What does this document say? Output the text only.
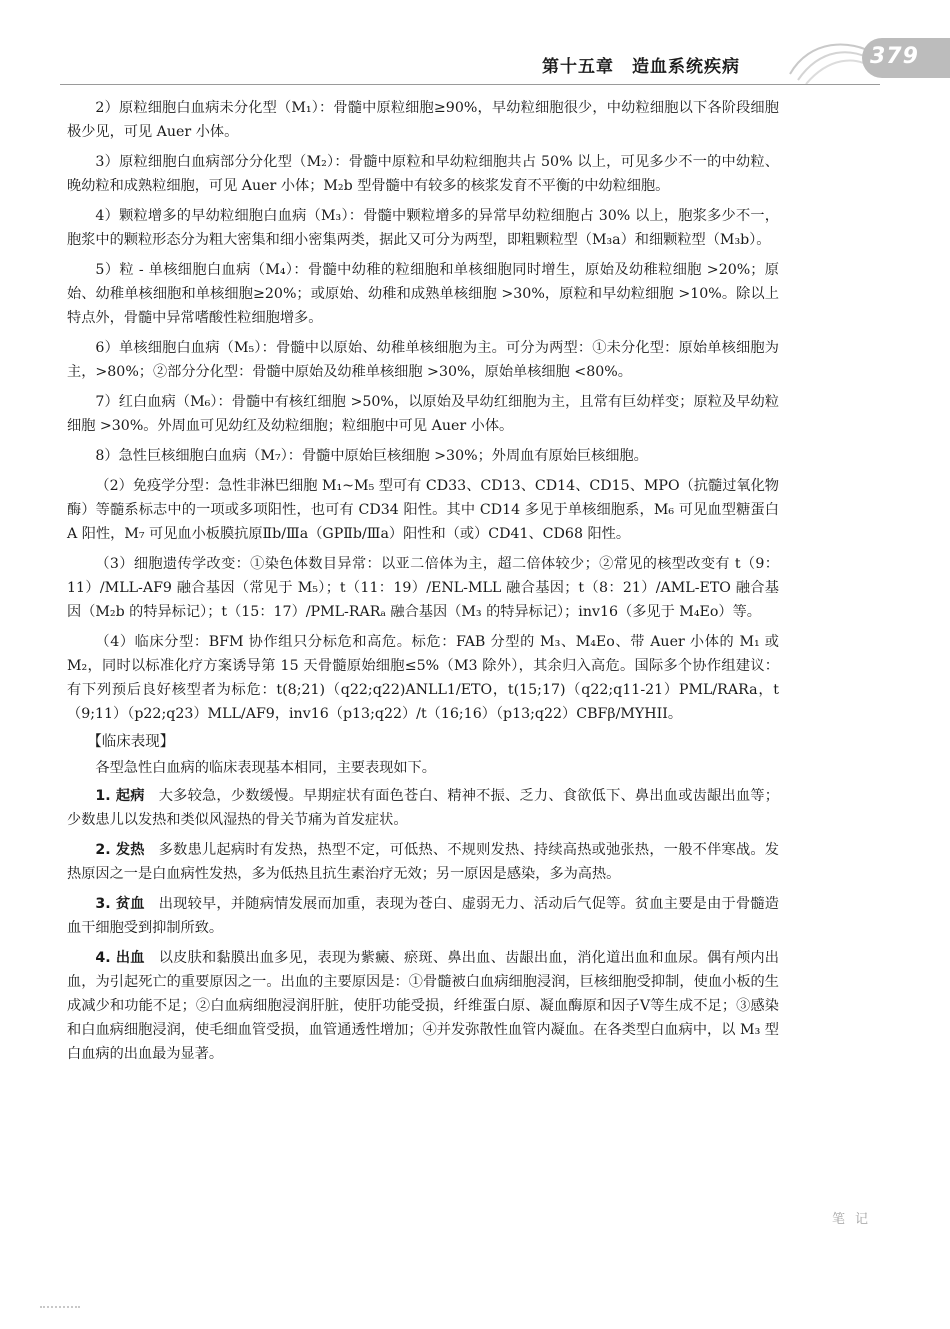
第十五章　造血系统疾病	379

2）原粒细胞白血病未分化型（M₁）：骨髓中原粒细胞≥90%，早幼粒细胞很少，中幼粒细胞以下各阶段细胞极少见，可见 Auer 小体。

3）原粒细胞白血病部分分化型（M₂）：骨髓中原粒和早幼粒细胞共占 50% 以上，可见多少不一的中幼粒、晚幼粒和成熟粒细胞，可见 Auer 小体；M₂b 型骨髓中有较多的核浆发育不平衡的中幼粒细胞。

4）颗粒增多的早幼粒细胞白血病（M₃）：骨髓中颗粒增多的异常早幼粒细胞占 30% 以上，胞浆多少不一，胞浆中的颗粒形态分为粗大密集和细小密集两类，据此又可分为两型，即粗颗粒型（M₃a）和细颗粒型（M₃b）。

5）粒 - 单核细胞白血病（M₄）：骨髓中幼稚的粒细胞和单核细胞同时增生，原始及幼稚粒细胞 >20%；原始、幼稚单核细胞和单核细胞≥20%；或原始、幼稚和成熟单核细胞 >30%，原粒和早幼粒细胞 >10%。除以上特点外，骨髓中异常嗜酸性粒细胞增多。

6）单核细胞白血病（M₅）：骨髓中以原始、幼稚单核细胞为主。可分为两型：①未分化型：原始单核细胞为主，>80%；②部分分化型：骨髓中原始及幼稚单核细胞 >30%，原始单核细胞 <80%。

7）红白血病（M₆）：骨髓中有核红细胞 >50%，以原始及早幼红细胞为主，且常有巨幼样变；原粒及早幼粒细胞 >30%。外周血可见幼红及幼粒细胞；粒细胞中可见 Auer 小体。

8）急性巨核细胞白血病（M₇）：骨髓中原始巨核细胞 >30%；外周血有原始巨核细胞。

（2）免疫学分型：急性非淋巴细胞 M₁~M₅ 型可有 CD33、CD13、CD14、CD15、MPO（抗髓过氧化物酶）等髓系标志中的一项或多项阳性，也可有 CD34 阳性。其中 CD14 多见于单核细胞系，M₆ 可见血型糖蛋白 A 阳性，M₇ 可见血小板膜抗原Ⅱb/Ⅲa（GPⅡb/Ⅲa）阳性和（或）CD41、CD68 阳性。

（3）细胞遗传学改变：①染色体数目异常：以亚二倍体为主，超二倍体较少；②常见的核型改变有 t（9：11）/MLL-AF9 融合基因（常见于 M₅）；t（11：19）/ENL-MLL 融合基因；t（8：21）/AML-ETO 融合基因（M₂b 的特异标记）；t（15：17）/PML-RARₐ 融合基因（M₃ 的特异标记）；inv16（多见于 M₄Eo）等。

（4）临床分型：BFM 协作组只分标危和高危。标危：FAB 分型的 M₃、M₄Eo、带 Auer 小体的 M₁ 或 M₂，同时以标准化疗方案诱导第 15 天骨髓原始细胞≤5%（M3 除外），其余归入高危。国际多个协作组建议：有下列预后良好核型者为标危：t(8;21)（q22;q22)ANLL1/ETO，t(15;17)（q22;q11-21）PML/RARa，t（9;11）（p22;q23）MLL/AF9，inv16（p13;q22）/t（16;16）（p13;q22）CBFβ/MYHII。

【临床表现】

各型急性白血病的临床表现基本相同，主要表现如下。

1. 起病 大多较急，少数缓慢。早期症状有面色苍白、精神不振、乏力、食欲低下、鼻出血或齿龈出血等；少数患儿以发热和类似风湿热的骨关节痛为首发症状。

2. 发热 多数患儿起病时有发热，热型不定，可低热、不规则发热、持续高热或弛张热，一般不伴寒战。发热原因之一是白血病性发热，多为低热且抗生素治疗无效；另一原因是感染，多为高热。

3. 贫血 出现较早，并随病情发展而加重，表现为苍白、虚弱无力、活动后气促等。贫血主要是由于骨髓造血干细胞受到抑制所致。

4. 出血 以皮肤和黏膜出血多见，表现为紫癜、瘀斑、鼻出血、齿龈出血，消化道出血和血尿。偶有颅内出血，为引起死亡的重要原因之一。出血的主要原因是：①骨髓被白血病细胞浸润，巨核细胞受抑制，使血小板的生成减少和功能不足；②白血病细胞浸润肝脏，使肝功能受损，纤维蛋白原、凝血酶原和因子Ⅴ等生成不足；③感染和白血病细胞浸润，使毛细血管受损，血管通透性增加；④并发弥散性血管内凝血。在各类型白血病中，以 M₃ 型白血病的出血最为显著。

笔记
